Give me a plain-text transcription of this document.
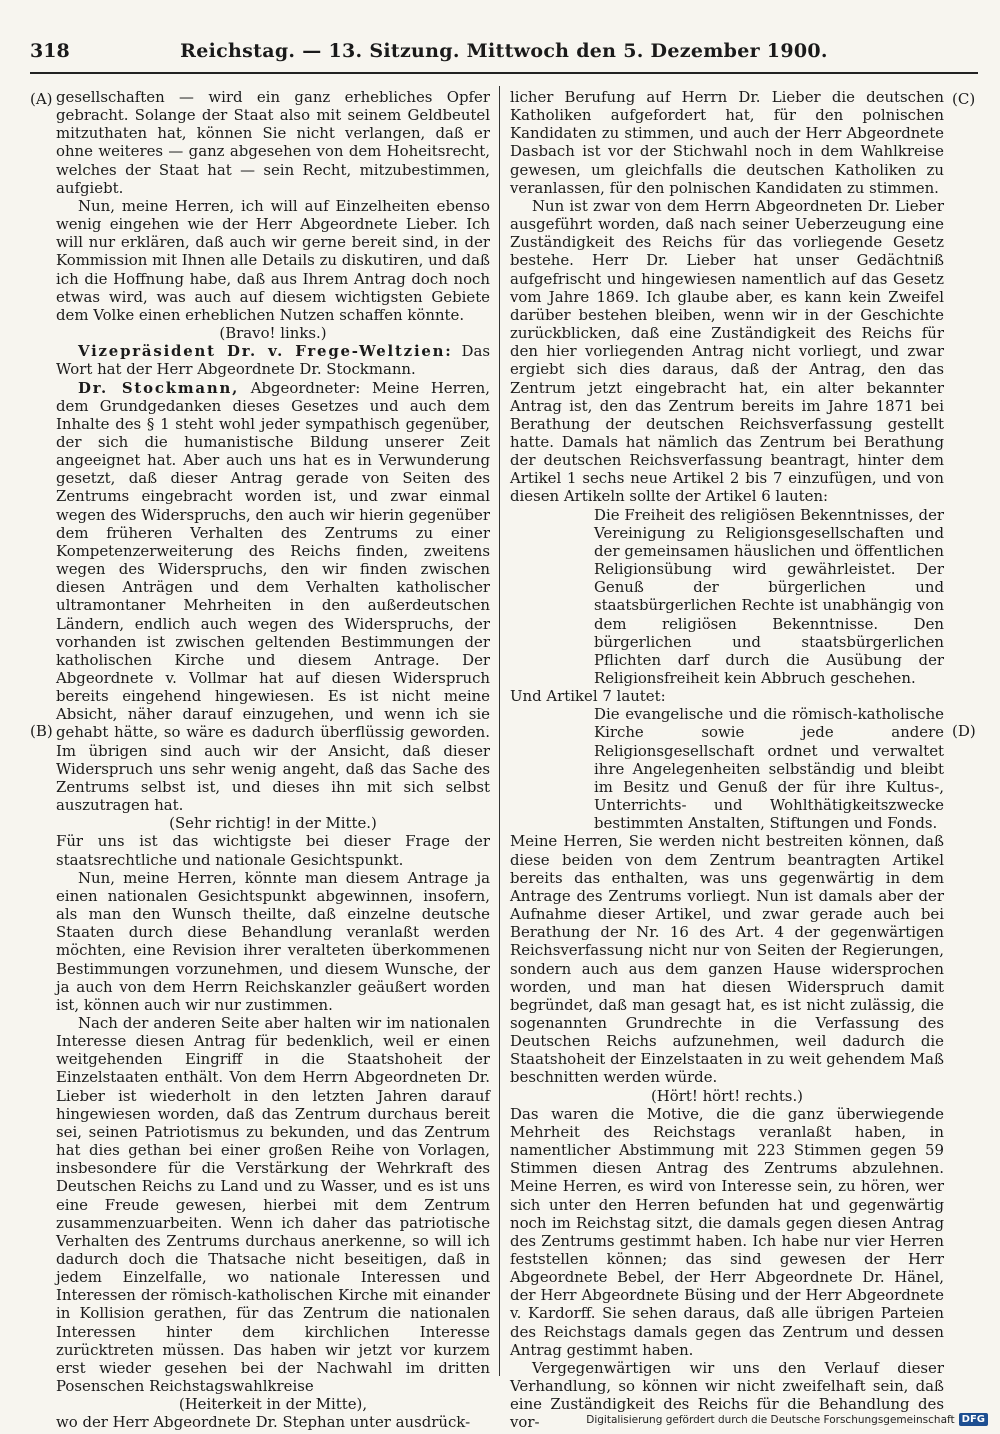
318	Reichstag. — 13. Sitzung. Mittwoch den 5. Dezember 1900.
(A)
(B)
(C)
(D)

gesellschaften — wird ein ganz erhebliches Opfer gebracht. Solange der Staat also mit seinem Geldbeutel mitzuthaten hat, können Sie nicht verlangen, daß er ohne weiteres — ganz abgesehen von dem Hoheitsrecht, welches der Staat hat — sein Recht, mitzubestimmen, aufgiebt.

Nun, meine Herren, ich will auf Einzelheiten ebenso wenig eingehen wie der Herr Abgeordnete Lieber. Ich will nur erklären, daß auch wir gerne bereit sind, in der Kommission mit Ihnen alle Details zu diskutiren, und daß ich die Hoffnung habe, daß aus Ihrem Antrag doch noch etwas wird, was auch auf diesem wichtigsten Gebiete dem Volke einen erheblichen Nutzen schaffen könnte.

(Bravo! links.)

Vizepräsident Dr. v. Frege-Weltzien: Das Wort hat der Herr Abgeordnete Dr. Stockmann.

Dr. Stockmann, Abgeordneter: Meine Herren, dem Grundgedanken dieses Gesetzes und auch dem Inhalte des § 1 steht wohl jeder sympathisch gegenüber, der sich die humanistische Bildung unserer Zeit angeeignet hat. Aber auch uns hat es in Verwunderung gesetzt, daß dieser Antrag gerade von Seiten des Zentrums eingebracht worden ist, und zwar einmal wegen des Widerspruchs, den auch wir hierin gegenüber dem früheren Verhalten des Zentrums zu einer Kompetenzerweiterung des Reichs finden, zweitens wegen des Widerspruchs, den wir finden zwischen diesen Anträgen und dem Verhalten katholischer ultramontaner Mehrheiten in den außerdeutschen Ländern, endlich auch wegen des Widerspruchs, der vorhanden ist zwischen geltenden Bestimmungen der katholischen Kirche und diesem Antrage. Der Abgeordnete v. Vollmar hat auf diesen Widerspruch bereits eingehend hingewiesen. Es ist nicht meine Absicht, näher darauf einzugehen, und wenn ich sie gehabt hätte, so wäre es dadurch überflüssig geworden. Im übrigen sind auch wir der Ansicht, daß dieser Widerspruch uns sehr wenig angeht, daß das Sache des Zentrums selbst ist, und dieses ihn mit sich selbst auszutragen hat.

(Sehr richtig! in der Mitte.)

Für uns ist das wichtigste bei dieser Frage der staatsrechtliche und nationale Gesichtspunkt.

Nun, meine Herren, könnte man diesem Antrage ja einen nationalen Gesichtspunkt abgewinnen, insofern, als man den Wunsch theilte, daß einzelne deutsche Staaten durch diese Behandlung veranlaßt werden möchten, eine Revision ihrer veralteten überkommenen Bestimmungen vorzunehmen, und diesem Wunsche, der ja auch von dem Herrn Reichskanzler geäußert worden ist, können auch wir nur zustimmen.

Nach der anderen Seite aber halten wir im nationalen Interesse diesen Antrag für bedenklich, weil er einen weitgehenden Eingriff in die Staatshoheit der Einzelstaaten enthält. Von dem Herrn Abgeordneten Dr. Lieber ist wiederholt in den letzten Jahren darauf hingewiesen worden, daß das Zentrum durchaus bereit sei, seinen Patriotismus zu bekunden, und das Zentrum hat dies gethan bei einer großen Reihe von Vorlagen, insbesondere für die Verstärkung der Wehrkraft des Deutschen Reichs zu Land und zu Wasser, und es ist uns eine Freude gewesen, hierbei mit dem Zentrum zusammenzuarbeiten. Wenn ich daher das patriotische Verhalten des Zentrums durchaus anerkenne, so will ich dadurch doch die Thatsache nicht beseitigen, daß in jedem Einzelfalle, wo nationale Interessen und Interessen der römisch-katholischen Kirche mit einander in Kollision gerathen, für das Zentrum die nationalen Interessen hinter dem kirchlichen Interesse zurücktreten müssen. Das haben wir jetzt vor kurzem erst wieder gesehen bei der Nachwahl im dritten Posenschen Reichstagswahlkreise

(Heiterkeit in der Mitte),

wo der Herr Abgeordnete Dr. Stephan unter ausdrück-

licher Berufung auf Herrn Dr. Lieber die deutschen Katholiken aufgefordert hat, für den polnischen Kandidaten zu stimmen, und auch der Herr Abgeordnete Dasbach ist vor der Stichwahl noch in dem Wahlkreise gewesen, um gleichfalls die deutschen Katholiken zu veranlassen, für den polnischen Kandidaten zu stimmen.

Nun ist zwar von dem Herrn Abgeordneten Dr. Lieber ausgeführt worden, daß nach seiner Ueberzeugung eine Zuständigkeit des Reichs für das vorliegende Gesetz bestehe. Herr Dr. Lieber hat unser Gedächtniß aufgefrischt und hingewiesen namentlich auf das Gesetz vom Jahre 1869. Ich glaube aber, es kann kein Zweifel darüber bestehen bleiben, wenn wir in der Geschichte zurückblicken, daß eine Zuständigkeit des Reichs für den hier vorliegenden Antrag nicht vorliegt, und zwar ergiebt sich dies daraus, daß der Antrag, den das Zentrum jetzt eingebracht hat, ein alter bekannter Antrag ist, den das Zentrum bereits im Jahre 1871 bei Berathung der deutschen Reichsverfassung gestellt hatte. Damals hat nämlich das Zentrum bei Berathung der deutschen Reichsverfassung beantragt, hinter dem Artikel 1 sechs neue Artikel 2 bis 7 einzufügen, und von diesen Artikeln sollte der Artikel 6 lauten:

Die Freiheit des religiösen Bekenntnisses, der Vereinigung zu Religionsgesellschaften und der gemeinsamen häuslichen und öffentlichen Religionsübung wird gewährleistet. Der Genuß der bürgerlichen und staatsbürgerlichen Rechte ist unabhängig von dem religiösen Bekenntnisse. Den bürgerlichen und staatsbürgerlichen Pflichten darf durch die Ausübung der Religionsfreiheit kein Abbruch geschehen.

Und Artikel 7 lautet:

Die evangelische und die römisch-katholische Kirche sowie jede andere Religionsgesellschaft ordnet und verwaltet ihre Angelegenheiten selbständig und bleibt im Besitz und Genuß der für ihre Kultus-, Unterrichts- und Wohlthätigkeitszwecke bestimmten Anstalten, Stiftungen und Fonds.

Meine Herren, Sie werden nicht bestreiten können, daß diese beiden von dem Zentrum beantragten Artikel bereits das enthalten, was uns gegenwärtig in dem Antrage des Zentrums vorliegt. Nun ist damals aber der Aufnahme dieser Artikel, und zwar gerade auch bei Berathung der Nr. 16 des Art. 4 der gegenwärtigen Reichsverfassung nicht nur von Seiten der Regierungen, sondern auch aus dem ganzen Hause widersprochen worden, und man hat diesen Widerspruch damit begründet, daß man gesagt hat, es ist nicht zulässig, die sogenannten Grundrechte in die Verfassung des Deutschen Reichs aufzunehmen, weil dadurch die Staatshoheit der Einzelstaaten in zu weit gehendem Maß beschnitten werden würde.

(Hört! hört! rechts.)

Das waren die Motive, die die ganz überwiegende Mehrheit des Reichstags veranlaßt haben, in namentlicher Abstimmung mit 223 Stimmen gegen 59 Stimmen diesen Antrag des Zentrums abzulehnen. Meine Herren, es wird von Interesse sein, zu hören, wer sich unter den Herren befunden hat und gegenwärtig noch im Reichstag sitzt, die damals gegen diesen Antrag des Zentrums gestimmt haben. Ich habe nur vier Herren feststellen können; das sind gewesen der Herr Abgeordnete Bebel, der Herr Abgeordnete Dr. Hänel, der Herr Abgeordnete Büsing und der Herr Abgeordnete v. Kardorff. Sie sehen daraus, daß alle übrigen Parteien des Reichstags damals gegen das Zentrum und dessen Antrag gestimmt haben.

Vergegenwärtigen wir uns den Verlauf dieser Verhandlung, so können wir nicht zweifelhaft sein, daß eine Zuständigkeit des Reichs für die Behandlung des vor-	Digitalisierung gefördert durch die Deutsche Forschungsgemeinschaft DFG
